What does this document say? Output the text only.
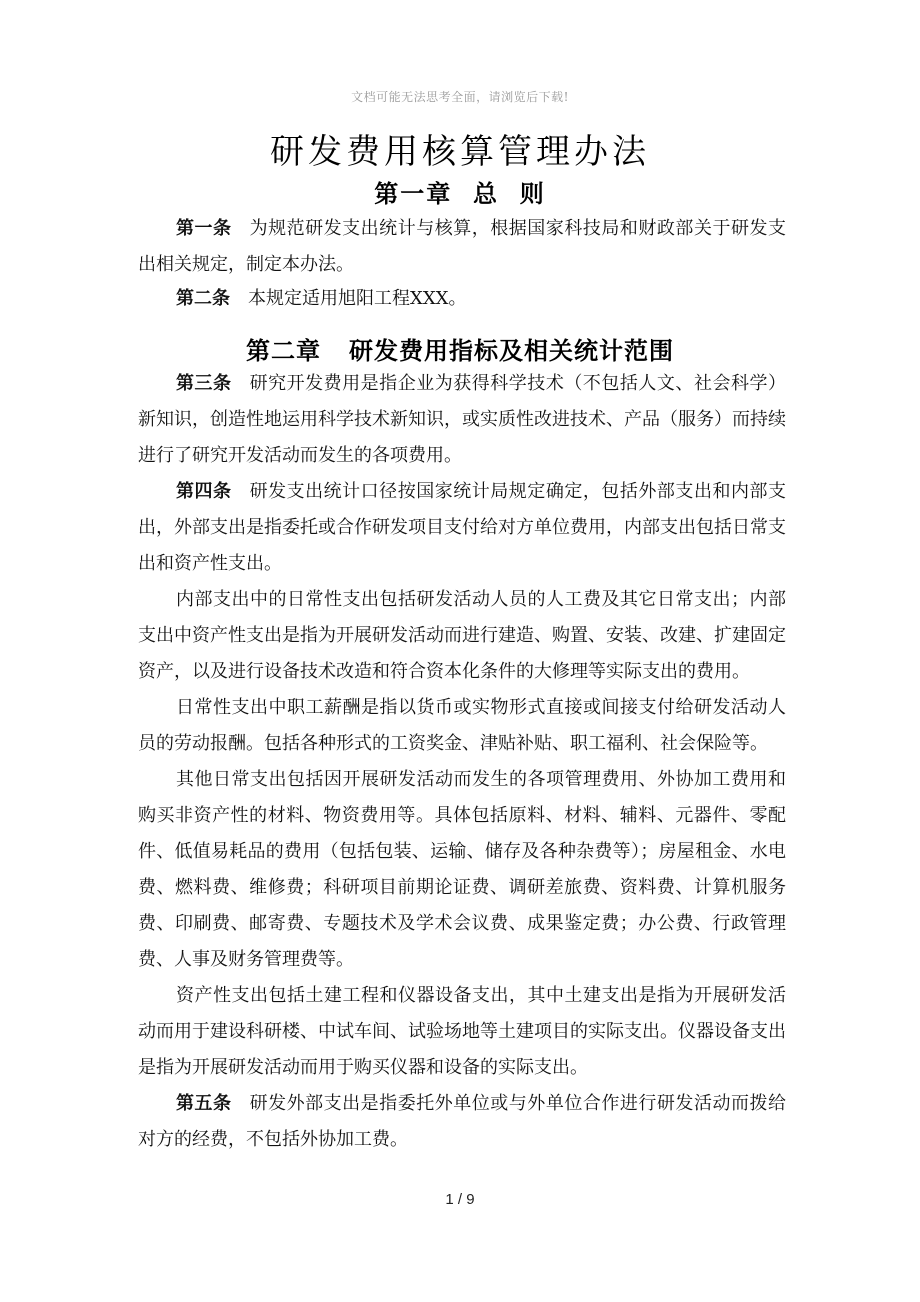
文档可能无法思考全面，请浏览后下载!
研发费用核算管理办法
第一章  总  则

第一条 为规范研发支出统计与核算，根据国家科技局和财政部关于研发支出相关规定，制定本办法。

第二条 本规定适用旭阳工程XXX。

第二章   研发费用指标及相关统计范围

第三条 研究开发费用是指企业为获得科学技术（不包括人文、社会科学）新知识，创造性地运用科学技术新知识，或实质性改进技术、产品（服务）而持续进行了研究开发活动而发生的各项费用。

第四条 研发支出统计口径按国家统计局规定确定，包括外部支出和内部支出，外部支出是指委托或合作研发项目支付给对方单位费用，内部支出包括日常支出和资产性支出。

内部支出中的日常性支出包括研发活动人员的人工费及其它日常支出；内部支出中资产性支出是指为开展研发活动而进行建造、购置、安装、改建、扩建固定资产，以及进行设备技术改造和符合资本化条件的大修理等实际支出的费用。

日常性支出中职工薪酬是指以货币或实物形式直接或间接支付给研发活动人员的劳动报酬。包括各种形式的工资奖金、津贴补贴、职工福利、社会保险等。

其他日常支出包括因开展研发活动而发生的各项管理费用、外协加工费用和购买非资产性的材料、物资费用等。具体包括原料、材料、辅料、元器件、零配件、低值易耗品的费用（包括包装、运输、储存及各种杂费等）；房屋租金、水电费、燃料费、维修费；科研项目前期论证费、调研差旅费、资料费、计算机服务费、印刷费、邮寄费、专题技术及学术会议费、成果鉴定费；办公费、行政管理费、人事及财务管理费等。

资产性支出包括土建工程和仪器设备支出，其中土建支出是指为开展研发活动而用于建设科研楼、中试车间、试验场地等土建项目的实际支出。仪器设备支出是指为开展研发活动而用于购买仪器和设备的实际支出。

第五条 研发外部支出是指委托外单位或与外单位合作进行研发活动而拨给对方的经费，不包括外协加工费。

1 / 9
